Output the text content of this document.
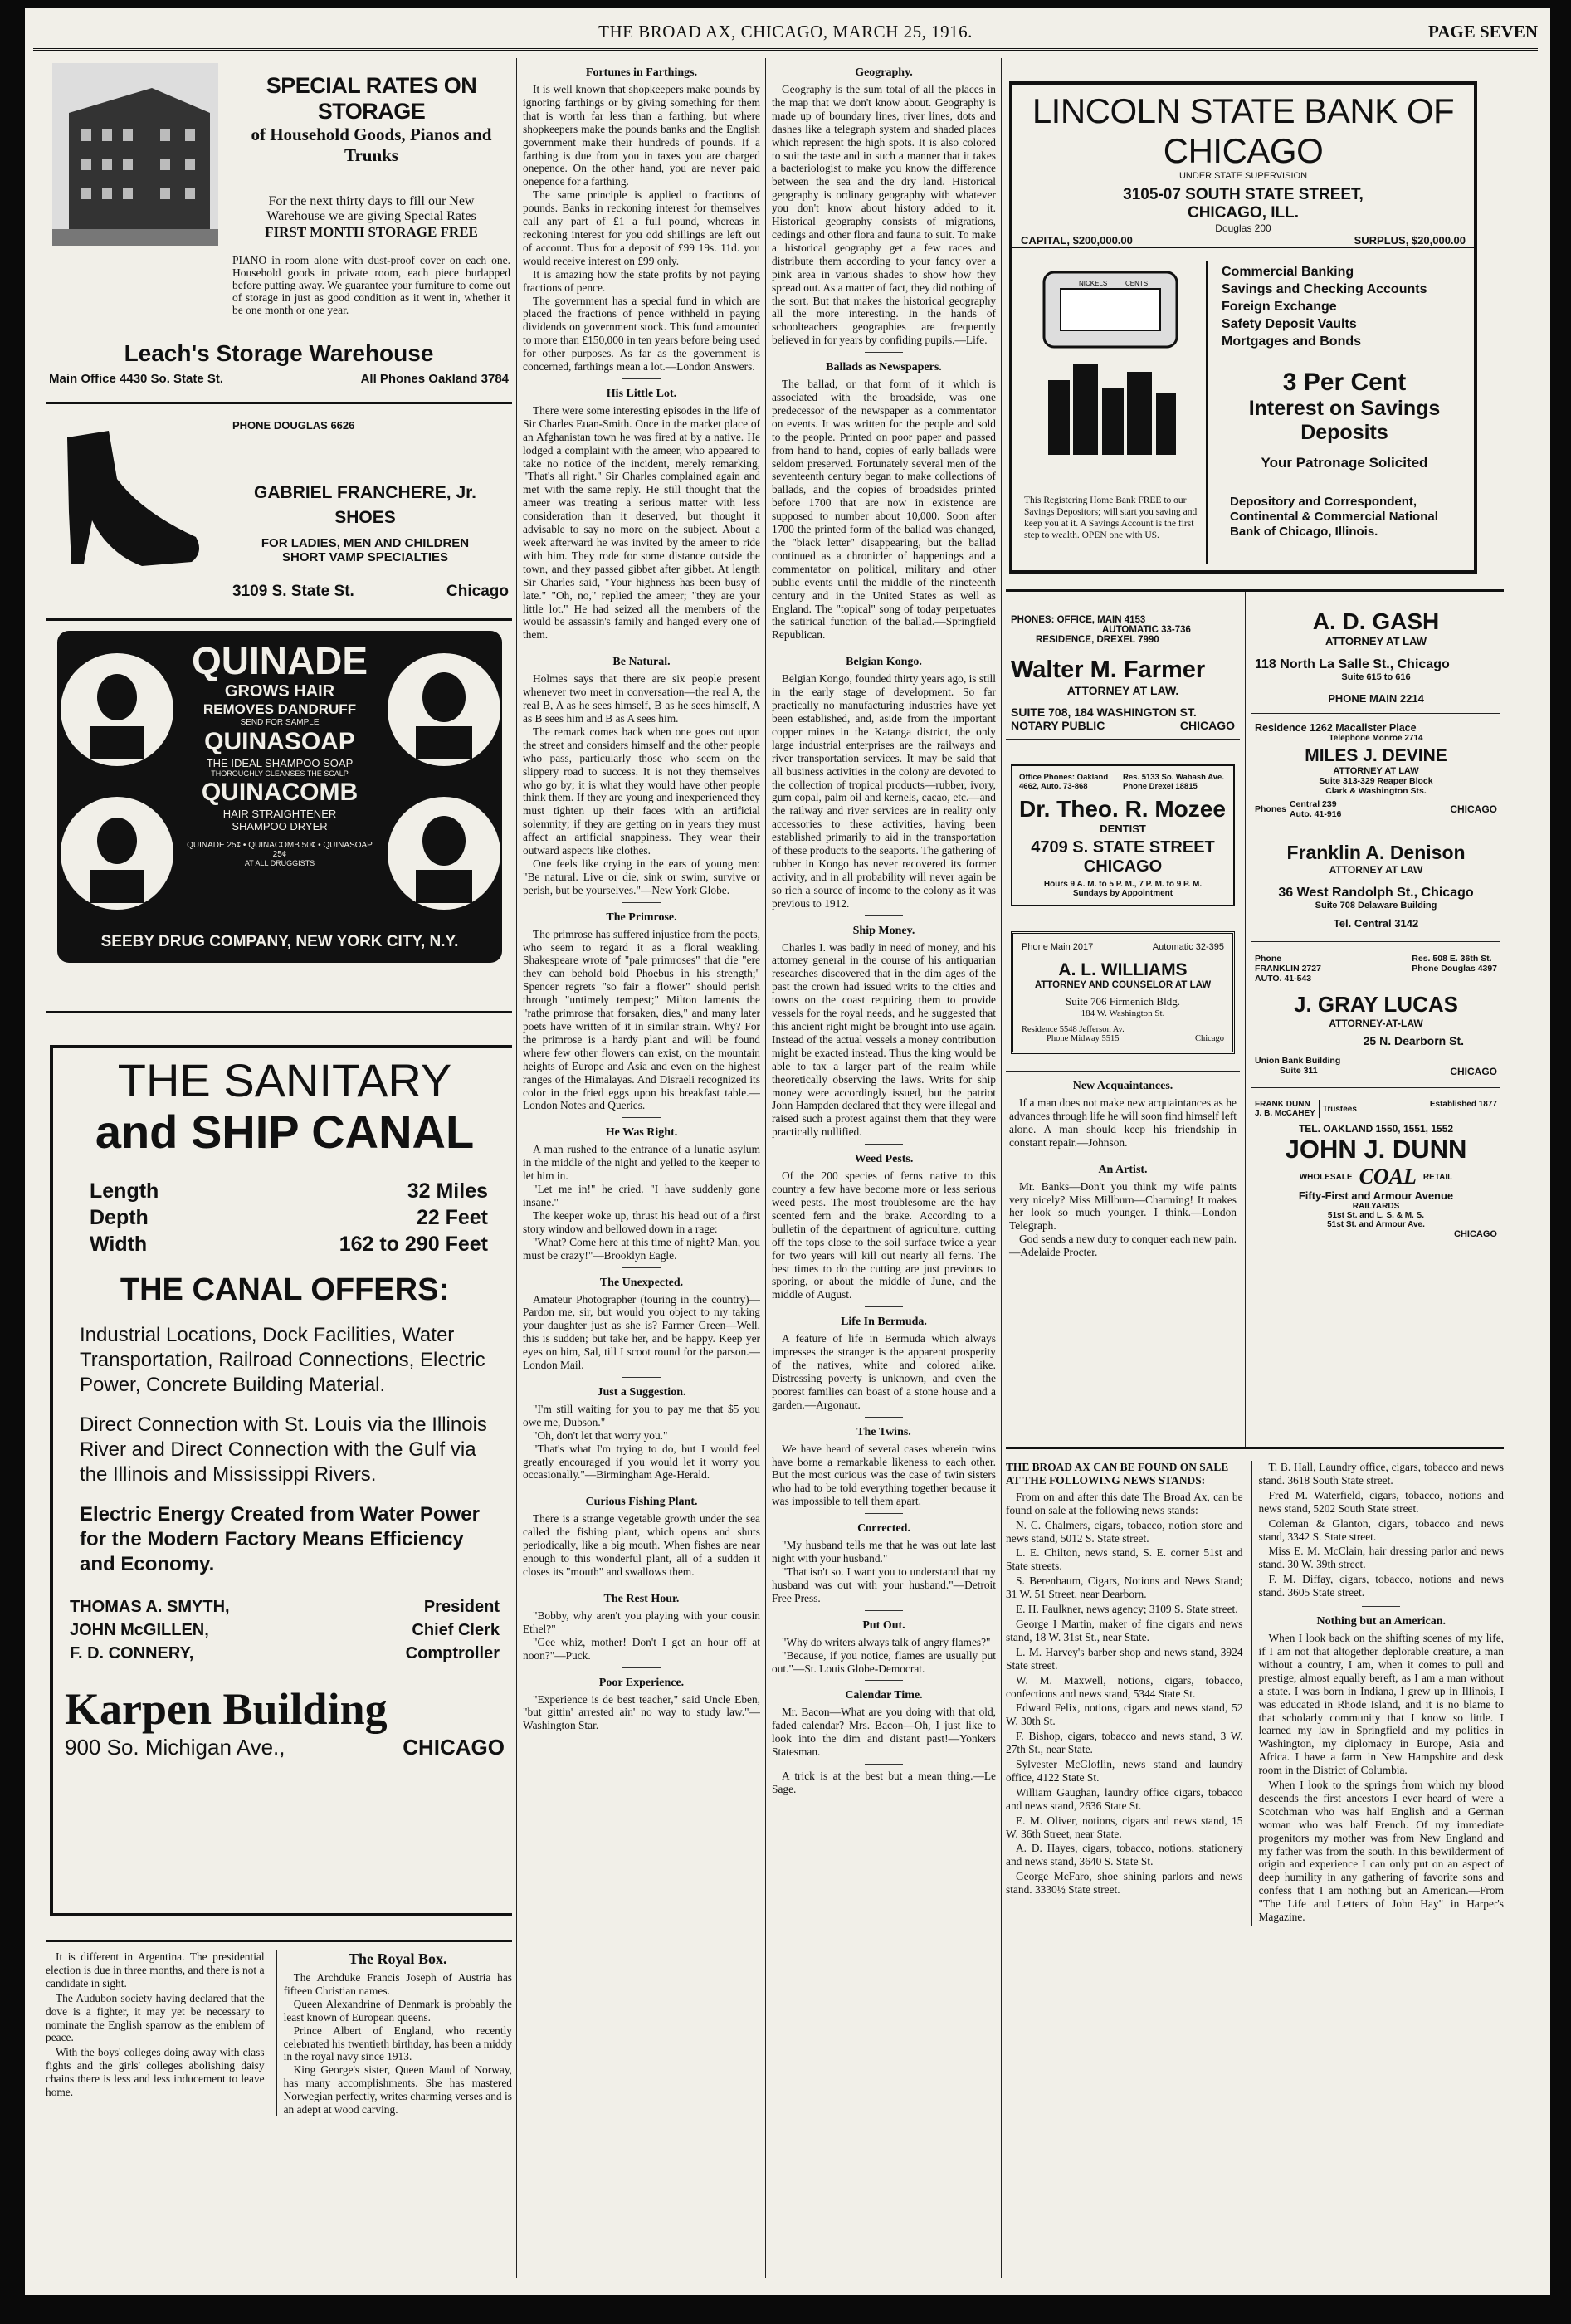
THE BROAD AX, CHICAGO, MARCH 25, 1916.	PAGE SEVEN
SPECIAL RATES ON STORAGE
of Household Goods, Pianos and Trunks
For the next thirty days to fill our New Warehouse we are giving Special Rates
FIRST MONTH STORAGE FREE
PIANO in room alone with dust-proof cover on each one. Household goods in private room, each piece burlapped before putting away. We guarantee your furniture to come out of storage in just as good condition as it went in, whether it be one month or one year.
Leach's Storage Warehouse
Main Office 4430 So. State St.	All Phones Oakland 3784
PHONE DOUGLAS 6626
GABRIEL FRANCHERE, Jr.
SHOES
FOR LADIES, MEN AND CHILDREN
SHORT VAMP SPECIALTIES
3109 S. State St.	Chicago
QUINADE
GROWS HAIR
REMOVES DANDRUFF
SEND FOR SAMPLE
QUINASOAP
THE IDEAL SHAMPOO SOAP
THOROUGHLY CLEANSES THE SCALP
QUINACOMB
HAIR STRAIGHTENER
SHAMPOO DRYER
QUINADE 25¢ • QUINACOMB 50¢ • QUINASOAP 25¢
AT ALL DRUGGISTS
SEEBY DRUG COMPANY, NEW YORK CITY, N.Y.
THE SANITARY
and SHIP CANAL
Length	32 Miles
Depth	22 Feet
Width	162 to 290 Feet
THE CANAL OFFERS:
Industrial Locations, Dock Facilities, Water Transportation, Railroad Connections, Electric Power, Concrete Building Material.
Direct Connection with St. Louis via the Illinois River and Direct Connection with the Gulf via the Illinois and Mississippi Rivers.
Electric Energy Created from Water Power for the Modern Factory Means Efficiency and Economy.
THOMAS A. SMYTH,	President
JOHN McGILLEN,	Chief Clerk
F. D. CONNERY,	Comptroller
Karpen Building
900 So. Michigan Ave.,	CHICAGO

It is different in Argentina. The presidential election is due in three months, and there is not a candidate in sight.

The Audubon society having declared that the dove is a fighter, it may yet be necessary to nominate the English sparrow as the emblem of peace.

With the boys' colleges doing away with class fights and the girls' colleges abolishing daisy chains there is less and less inducement to leave home.

The Royal Box.

The Archduke Francis Joseph of Austria has fifteen Christian names.

Queen Alexandrine of Denmark is probably the least known of European queens.

Prince Albert of England, who recently celebrated his twentieth birthday, has been a middy in the royal navy since 1913.

King George's sister, Queen Maud of Norway, has many accomplishments. She has mastered Norwegian perfectly, writes charming verses and is an adept at wood carving.

Fortunes in Farthings.

It is well known that shopkeepers make pounds by ignoring farthings or by giving something for them that is worth far less than a farthing, but where shopkeepers make the pounds banks and the English government make their hundreds of pounds. If a farthing is due from you in taxes you are charged onepence. On the other hand, you are never paid onepence for a farthing.

The same principle is applied to fractions of pounds. Banks in reckoning interest for themselves call any part of £1 a full pound, whereas in reckoning interest for you odd shillings are left out of account. Thus for a deposit of £99 19s. 11d. you would receive interest on £99 only.

It is amazing how the state profits by not paying fractions of pence.

The government has a special fund in which are placed the fractions of pence withheld in paying dividends on government stock. This fund amounted to more than £150,000 in ten years before being used for other purposes. As far as the government is concerned, farthings mean a lot.—London Answers.

His Little Lot.

There were some interesting episodes in the life of Sir Charles Euan-Smith. Once in the market place of an Afghanistan town he was fired at by a native. He lodged a complaint with the ameer, who appeared to take no notice of the incident, merely remarking, "That's all right." Sir Charles complained again and met with the same reply. He still thought that the ameer was treating a serious matter with less consideration than it deserved, but thought it advisable to say no more on the subject. About a week afterward he was invited by the ameer to ride with him. They rode for some distance outside the town, and they passed gibbet after gibbet. At length Sir Charles said, "Your highness has been busy of late." "Oh, no," replied the ameer; "they are your little lot." He had seized all the members of the would be assassin's family and hanged every one of them.

Be Natural.

Holmes says that there are six people present whenever two meet in conversation—the real A, the real B, A as he sees himself, B as he sees himself, A as B sees him and B as A sees him.

The remark comes back when one goes out upon the street and considers himself and the other people who pass, particularly those who seem on the slippery road to success. It is not they themselves who go by; it is what they would have other people think them. If they are young and inexperienced they must tighten up their faces with an artificial solemnity; if they are getting on in years they must affect an artificial snappiness. They wear their outward aspects like clothes.

One feels like crying in the ears of young men: "Be natural. Live or die, sink or swim, survive or perish, but be yourselves."—New York Globe.

The Primrose.

The primrose has suffered injustice from the poets, who seem to regard it as a floral weakling. Shakespeare wrote of "pale primroses" that die "ere they can behold bold Phoebus in his strength;" Spencer regrets "so fair a flower" should perish through "untimely tempest;" Milton laments the "rathe primrose that forsaken, dies," and many later poets have written of it in similar strain. Why? For the primrose is a hardy plant and will be found where few other flowers can exist, on the mountain heights of Europe and Asia and even on the highest ranges of the Himalayas. And Disraeli recognized its color in the fried eggs upon his breakfast table.—London Notes and Queries.

He Was Right.

A man rushed to the entrance of a lunatic asylum in the middle of the night and yelled to the keeper to let him in.

"Let me in!" he cried. "I have suddenly gone insane."

The keeper woke up, thrust his head out of a first story window and bellowed down in a rage:

"What? Come here at this time of night? Man, you must be crazy!"—Brooklyn Eagle.

The Unexpected.

Amateur Photographer (touring in the country)—Pardon me, sir, but would you object to my taking your daughter just as she is? Farmer Green—Well, this is sudden; but take her, and be happy. Keep yer eyes on him, Sal, till I scoot round for the parson.—London Mail.

Just a Suggestion.

"I'm still waiting for you to pay me that $5 you owe me, Dubson."

"Oh, don't let that worry you."

"That's what I'm trying to do, but I would feel greatly encouraged if you would let it worry you occasionally."—Birmingham Age-Herald.

Curious Fishing Plant.

There is a strange vegetable growth under the sea called the fishing plant, which opens and shuts periodically, like a big mouth. When fishes are near enough to this wonderful plant, all of a sudden it closes its "mouth" and swallows them.

The Rest Hour.

"Bobby, why aren't you playing with your cousin Ethel?"

"Gee whiz, mother! Don't I get an hour off at noon?"—Puck.

Poor Experience.

"Experience is de best teacher," said Uncle Eben, "but gittin' arrested ain' no way to study law."—Washington Star.

Geography.

Geography is the sum total of all the places in the map that we don't know about. Geography is made up of boundary lines, river lines, dots and dashes like a telegraph system and shaded places which represent the high spots. It is also colored to suit the taste and in such a manner that it takes a bacteriologist to make you know the difference between the sea and the dry land. Historical geography is ordinary geography with whatever you don't know about history added to it. Historical geography consists of migrations, cedings and other flora and fauna to suit. To make a historical geography get a few races and distribute them according to your fancy over a pink area in various shades to show how they spread out. As a matter of fact, they did nothing of the sort. But that makes the historical geography all the more interesting. In the hands of schoolteachers geographies are frequently believed in for years by confiding pupils.—Life.

Ballads as Newspapers.

The ballad, or that form of it which is associated with the broadside, was one predecessor of the newspaper as a commentator on events. It was written for the people and sold to the people. Printed on poor paper and passed from hand to hand, copies of early ballads were seldom preserved. Fortunately several men of the seventeenth century began to make collections of ballads, and the copies of broadsides printed before 1700 that are now in existence are supposed to number about 10,000. Soon after 1700 the printed form of the ballad was changed, the "black letter" disappearing, but the ballad continued as a chronicler of happenings and a commentator on political, military and other public events until the middle of the nineteenth century and in the United States as well as England. The "topical" song of today perpetuates the satirical function of the ballad.—Springfield Republican.

Belgian Kongo.

Belgian Kongo, founded thirty years ago, is still in the early stage of development. So far practically no manufacturing industries have yet been established, and, aside from the important copper mines in the Katanga district, the only large industrial enterprises are the railways and river transportation services. It may be said that all business activities in the colony are devoted to the collection of tropical products—rubber, ivory, gum copal, palm oil and kernels, cacao, etc.—and the railway and river services are in reality only accessories to these activities, having been established primarily to aid in the transportation of these products to the seaports. The gathering of rubber in Kongo has never recovered its former activity, and in all probability will never again be so rich a source of income to the colony as it was previous to 1912.

Ship Money.

Charles I. was badly in need of money, and his attorney general in the course of his antiquarian researches discovered that in the dim ages of the past the crown had issued writs to the cities and towns on the coast requiring them to provide vessels for the royal needs, and he suggested that this ancient right might be brought into use again. Instead of the actual vessels a money contribution might be exacted instead. Thus the king would be able to tax a larger part of the realm while theoretically observing the laws. Writs for ship money were accordingly issued, but the patriot John Hampden declared that they were illegal and raised such a protest against them that they were practically nullified.

Weed Pests.

Of the 200 species of ferns native to this country a few have become more or less serious weed pests. The most troublesome are the hay scented fern and the brake. According to a bulletin of the department of agriculture, cutting off the tops close to the soil surface twice a year for two years will kill out nearly all ferns. The best times to do the cutting are just previous to sporing, or about the middle of June, and the middle of August.

Life In Bermuda.

A feature of life in Bermuda which always impresses the stranger is the apparent prosperity of the natives, white and colored alike. Distressing poverty is unknown, and even the poorest families can boast of a stone house and a garden.—Argonaut.

The Twins.

We have heard of several cases wherein twins have borne a remarkable likeness to each other. But the most curious was the case of twin sisters who had to be told everything together because it was impossible to tell them apart.

Corrected.

"My husband tells me that he was out late last night with your husband."

"That isn't so. I want you to understand that my husband was out with your husband."—Detroit Free Press.

Put Out.

"Why do writers always talk of angry flames?"

"Because, if you notice, flames are usually put out."—St. Louis Globe-Democrat.

Calendar Time.

Mr. Bacon—What are you doing with that old, faded calendar? Mrs. Bacon—Oh, I just like to look into the dim and distant past!—Yonkers Statesman.

A trick is at the best but a mean thing.—Le Sage.

LINCOLN STATE BANK OF CHICAGO
UNDER STATE SUPERVISION
3105-07 SOUTH STATE STREET,
CHICAGO, ILL.
Douglas 200
CAPITAL, $200,000.00	SURPLUS, $20,000.00
NICKELS	CENTS
This Registering Home Bank FREE to our Savings Depositors; will start you saving and keep you at it. A Savings Account is the first step to wealth. OPEN one with US.
Commercial Banking
Savings and Checking Accounts
Foreign Exchange
Safety Deposit Vaults
Mortgages and Bonds
3 Per Cent
Interest on Savings
Deposits
Your Patronage Solicited
Depository and Correspondent, Continental & Commercial National Bank of Chicago, Illinois.
PHONES: OFFICE, MAIN 4153
AUTOMATIC 33-736
RESIDENCE, DREXEL 7990
Walter M. Farmer
ATTORNEY AT LAW.
SUITE 708, 184 WASHINGTON ST.
NOTARY PUBLIC	CHICAGO
Office Phones: Oakland 4662, Auto. 73-868
Res. 5133 So. Wabash Ave. Phone Drexel 18815
Dr. Theo. R. Mozee
DENTIST
4709 S. STATE STREET
CHICAGO
Hours 9 A. M. to 5 P. M., 7 P. M. to 9 P. M.
Sundays by Appointment
Phone Main 2017	Automatic 32-395
A. L. WILLIAMS
ATTORNEY AND COUNSELOR AT LAW
Suite 706 Firmenich Bldg.
184 W. Washington St.
Residence 5548 Jefferson Av.
Phone Midway 5515	Chicago
New Acquaintances.

If a man does not make new acquaintances as he advances through life he will soon find himself left alone. A man should keep his friendship in constant repair.—Johnson.

An Artist.

Mr. Banks—Don't you think my wife paints very nicely? Miss Millburn—Charming! It makes her look so much younger. I think.—London Telegraph.

God sends a new duty to conquer each new pain.—Adelaide Procter.

A. D. GASH
ATTORNEY AT LAW
118 North La Salle St., Chicago
Suite 615 to 616
PHONE MAIN 2214
Residence 1262 Macalister Place
Telephone Monroe 2714
MILES J. DEVINE
ATTORNEY AT LAW
Suite 313-329 Reaper Block
Clark & Washington Sts.
Phones Central 239
Auto. 41-916	CHICAGO
Franklin A. Denison
ATTORNEY AT LAW
36 West Randolph St., Chicago
Suite 708 Delaware Building
Tel. Central 3142
Phone
FRANKLIN 2727
AUTO. 41-543
Res. 508 E. 36th St.
Phone Douglas 4397
J. GRAY LUCAS
ATTORNEY-AT-LAW
25 N. Dearborn St.
Union Bank Building
Suite 311	CHICAGO
FRANK DUNN
J. B. McCAHEY Trustees	Established 1877
TEL. OAKLAND 1550, 1551, 1552
JOHN J. DUNN
WHOLESALE COAL RETAIL
Fifty-First and Armour Avenue
RAILYARDS
51st St. and L. S. & M. S.
51st St. and Armour Ave.
CHICAGO
THE BROAD AX CAN BE FOUND ON SALE AT THE FOLLOWING NEWS STANDS:

From on and after this date The Broad Ax, can be found on sale at the following news stands:

N. C. Chalmers, cigars, tobacco, notion store and news stand, 5012 S. State street.

L. E. Chilton, news stand, S. E. corner 51st and State streets.

S. Berenbaum, Cigars, Notions and News Stand; 31 W. 51 Street, near Dearborn.

E. H. Faulkner, news agency; 3109 S. State street.

George I Martin, maker of fine cigars and news stand, 18 W. 31st St., near State.

L. M. Harvey's barber shop and news stand, 3924 State street.

W. M. Maxwell, notions, cigars, tobacco, confections and news stand, 5344 State St.

Edward Felix, notions, cigars and news stand, 52 W. 30th St.

F. Bishop, cigars, tobacco and news stand, 3 W. 27th St., near State.

Sylvester McGloflin, news stand and laundry office, 4122 State St.

William Gaughan, laundry office cigars, tobacco and news stand, 2636 State St.

E. M. Oliver, notions, cigars and news stand, 15 W. 36th Street, near State.

A. D. Hayes, cigars, tobacco, notions, stationery and news stand, 3640 S. State St.

George McFaro, shoe shining parlors and news stand. 3330½ State street.

T. B. Hall, Laundry office, cigars, tobacco and news stand. 3618 South State street.

Fred M. Waterfield, cigars, tobacco, notions and news stand, 5202 South State street.

Coleman & Glanton, cigars, tobacco and news stand, 3342 S. State street.

Miss E. M. McClain, hair dressing parlor and news stand. 30 W. 39th street.

F. M. Diffay, cigars, tobacco, notions and news stand. 3605 State street.

Nothing but an American.

When I look back on the shifting scenes of my life, if I am not that altogether deplorable creature, a man without a country, I am, when it comes to pull and prestige, almost equally bereft, as I am a man without a state. I was born in Indiana, I grew up in Illinois, I was educated in Rhode Island, and it is no blame to that scholarly community that I know so little. I learned my law in Springfield and my politics in Washington, my diplomacy in Europe, Asia and Africa. I have a farm in New Hampshire and desk room in the District of Columbia.

When I look to the springs from which my blood descends the first ancestors I ever heard of were a Scotchman who was half English and a German woman who was half French. Of my immediate progenitors my mother was from New England and my father was from the south. In this bewilderment of origin and experience I can only put on an aspect of deep humility in any gathering of favorite sons and confess that I am nothing but an American.—From "The Life and Letters of John Hay" in Harper's Magazine.
